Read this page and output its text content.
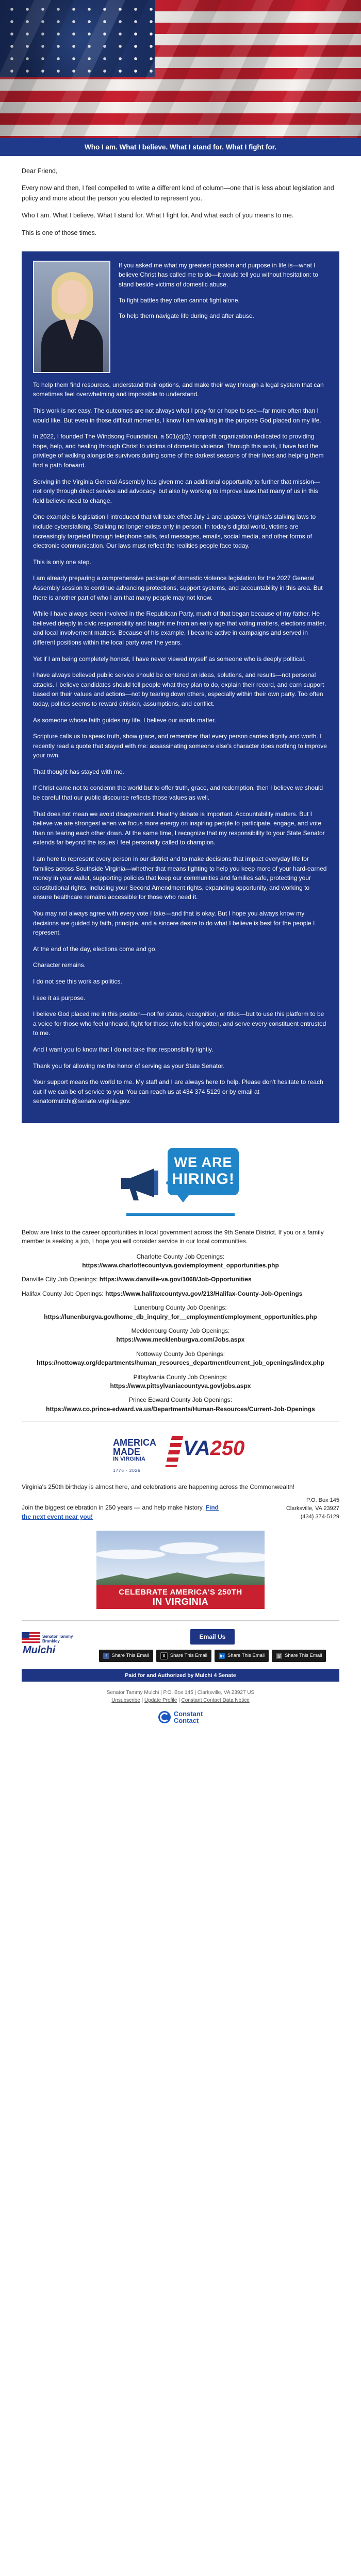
Who I am. What I believe. What I stand for. What I fight for.

Dear Friend,

Every now and then, I feel compelled to write a different kind of column—one that is less about legislation and policy and more about the person you elected to represent you.

Who I am. What I believe. What I stand for. What I fight for. And what each of you means to me.

This is one of those times.

If you asked me what my greatest passion and purpose in life is—what I believe Christ has called me to do—it would tell you without hesitation: to stand beside victims of domestic abuse.

To fight battles they often cannot fight alone.

To help them navigate life during and after abuse.

To help them find resources, understand their options, and make their way through a legal system that can sometimes feel overwhelming and impossible to understand.

This work is not easy. The outcomes are not always what I pray for or hope to see—far more often than I would like. But even in those difficult moments, I know I am walking in the purpose God placed on my life.

In 2022, I founded The Windsong Foundation, a 501(c)(3) nonprofit organization dedicated to providing hope, help, and healing through Christ to victims of domestic violence. Through this work, I have had the privilege of walking alongside survivors during some of the darkest seasons of their lives and helping them find a path forward.

Serving in the Virginia General Assembly has given me an additional opportunity to further that mission—not only through direct service and advocacy, but also by working to improve laws that many of us in this field believe need to change.

One example is legislation I introduced that will take effect July 1 and updates Virginia's stalking laws to include cyberstalking. Stalking no longer exists only in person. In today's digital world, victims are increasingly targeted through telephone calls, text messages, emails, social media, and other forms of electronic communication. Our laws must reflect the realities people face today.

This is only one step.

I am already preparing a comprehensive package of domestic violence legislation for the 2027 General Assembly session to continue advancing protections, support systems, and accountability in this area. But there is another part of who I am that many people may not know.

While I have always been involved in the Republican Party, much of that began because of my father. He believed deeply in civic responsibility and taught me from an early age that voting matters, elections matter, and local involvement matters. Because of his example, I became active in campaigns and served in different positions within the local party over the years.

Yet if I am being completely honest, I have never viewed myself as someone who is deeply political.

I have always believed public service should be centered on ideas, solutions, and results—not personal attacks. I believe candidates should tell people what they plan to do, explain their record, and earn support based on their values and actions—not by tearing down others, especially within their own party. Too often today, politics seems to reward division, assumptions, and conflict.

As someone whose faith guides my life, I believe our words matter.

Scripture calls us to speak truth, show grace, and remember that every person carries dignity and worth. I recently read a quote that stayed with me: assassinating someone else's character does nothing to improve your own.

That thought has stayed with me.

If Christ came not to condemn the world but to offer truth, grace, and redemption, then I believe we should be careful that our public discourse reflects those values as well.

That does not mean we avoid disagreement. Healthy debate is important. Accountability matters. But I believe we are strongest when we focus more energy on inspiring people to participate, engage, and vote than on tearing each other down. At the same time, I recognize that my responsibility to your State Senator extends far beyond the issues I feel personally called to champion.

I am here to represent every person in our district and to make decisions that impact everyday life for families across Southside Virginia—whether that means fighting to help you keep more of your hard-earned money in your wallet, supporting policies that keep our communities and families safe, protecting your constitutional rights, including your Second Amendment rights, expanding opportunity, and working to ensure healthcare remains accessible for those who need it.

You may not always agree with every vote I take—and that is okay. But I hope you always know my decisions are guided by faith, principle, and a sincere desire to do what I believe is best for the people I represent.

At the end of the day, elections come and go.

Character remains.

I do not see this work as politics.

I see it as purpose.

I believe God placed me in this position—not for status, recognition, or titles—but to use this platform to be a voice for those who feel unheard, fight for those who feel forgotten, and serve every constituent entrusted to me.

And I want you to know that I do not take that responsibility lightly.

Thank you for allowing me the honor of serving as your State Senator.

Your support means the world to me. My staff and I are always here to help. Please don't hesitate to reach out if we can be of service to you. You can reach us at 434 374 5129 or by email at senatormulchi@senate.virginia.gov.

WE ARE
HIRING!

Below are links to the career opportunities in local government across the 9th Senate District. If you or a family member is seeking a job, I hope you will consider service in our local communities.

Charlotte County Job Openings:
https://www.charlottecountyva.gov/employment_opportunities.php
Danville City Job Openings: https://www.danville-va.gov/1068/Job-Opportunities
Halifax County Job Openings: https://www.halifaxcountyva.gov/213/Halifax-County-Job-Openings
Lunenburg County Job Openings:
https://lunenburgva.gov/home_db_inquiry_for__employment/employment_opportunities.php
Mecklenburg County Job Openings:
https://www.mecklenburgva.com/Jobs.aspx
Nottoway County Job Openings:
https://nottoway.org/departments/human_resources_department/current_job_openings/index.php
Pittsylvania County Job Openings:
https://www.pittsylvaniacountyva.gov/jobs.aspx
Prince Edward County Job Openings:
https://www.co.prince-edward.va.us/Departments/Human-Resources/Current-Job-Openings
AMERICA
MADE
IN VIRGINIA	VA250
1776 · 2026

Virginia's 250th birthday is almost here, and celebrations are happening across the Commonwealth!

Join the biggest celebration in 250 years — and help make history. Find the next event near you!

P.O. Box 145
Clarksville, VA 23927
(434) 374-5129
CELEBRATE AMERICA'S 250TH
IN VIRGINIA
Senator Tammy Brankley
Mulchi
Email Us
f	Share This Email	X Share This Email	in Share This Email	@ Share This Email
Paid for and Authorized by Mulchi 4 Senate
Senator Tammy Mulchi | P.O. Box 145 | Clarksville, VA 23927 US
Unsubscribe | Update Profile | Constant Contact Data Notice
Constant
Contact
